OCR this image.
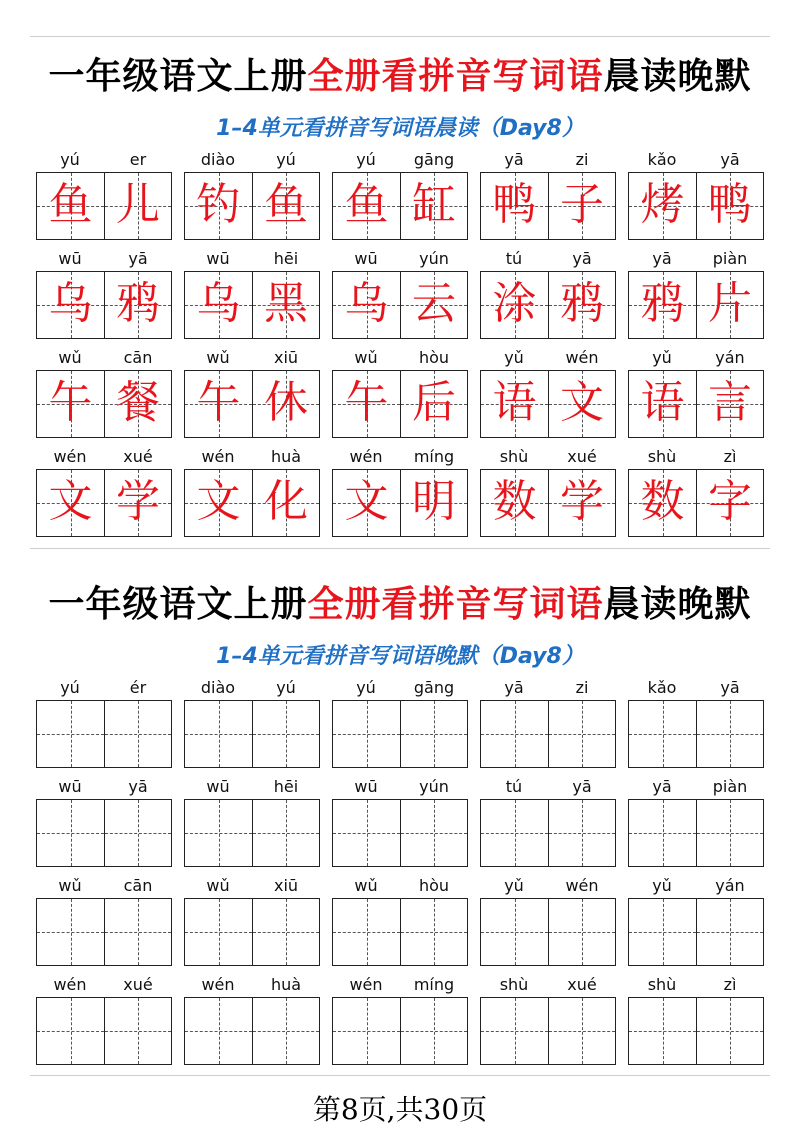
一年级语文上册全册看拼音写词语晨读晚默
1–4单元看拼音写词语晨读（Day8）
yú	er
鱼 儿
diào	yú
钓 鱼
yú	gāng
鱼 缸
yā	zi
鸭 子
kǎo	yā
烤 鸭
wū	yā
乌 鸦
wū	hēi
乌 黑
wū	yún
乌 云
tú	yā
涂 鸦
yā	piàn
鸦 片
wǔ	cān
午 餐
wǔ	xiū
午 休
wǔ	hòu
午 后
yǔ	wén
语 文
yǔ	yán
语 言
wén	xué
文 学
wén	huà
文 化
wén	míng
文 明
shù	xué
数 学
shù	zì
数 字
一年级语文上册全册看拼音写词语晨读晚默
1–4单元看拼音写词语晚默（Day8）
yú	ér	diào	yú	yú	gāng	yā	zi	kǎo	yā
wū	yā	wū	hēi	wū	yún	tú	yā	yā	piàn
wǔ	cān	wǔ	xiū	wǔ	hòu	yǔ	wén	yǔ	yán
wén	xué	wén	huà	wén	míng	shù	xué	shù	zì
第8页,共30页
